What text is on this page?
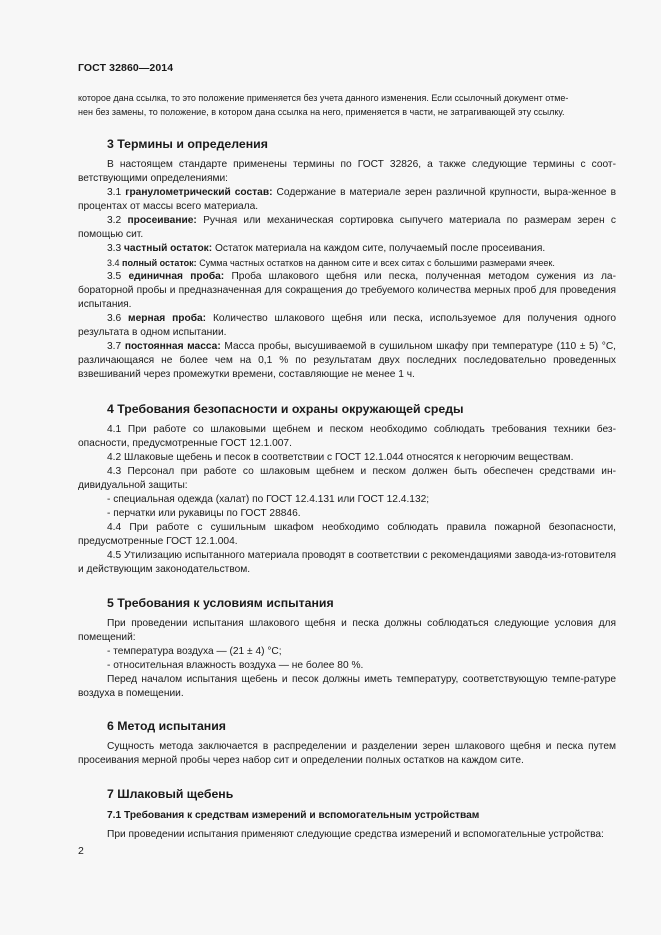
ГОСТ 32860—2014

которое дана ссылка, то это положение применяется без учета данного изменения. Если ссылочный документ отме-

нен без замены, то положение, в котором дана ссылка на него, применяется в части, не затрагивающей эту ссылку.

3 Термины и определения

В настоящем стандарте применены термины по ГОСТ 32826, а также следующие термины с соот-ветствующими определениями:

3.1 гранулометрический состав: Содержание в материале зерен различной крупности, выра-женное в процентах от массы всего материала.

3.2 просеивание: Ручная или механическая сортировка сыпучего материала по размерам зерен с помощью сит.

3.3 частный остаток: Остаток материала на каждом сите, получаемый после просеивания.

3.4 полный остаток: Сумма частных остатков на данном сите и всех ситах с большими размерами ячеек.

3.5 единичная проба: Проба шлакового щебня или песка, полученная методом сужения из ла-бораторной пробы и предназначенная для сокращения до требуемого количества мерных проб для проведения испытания.

3.6 мерная проба: Количество шлакового щебня или песка, используемое для получения одного результата в одном испытании.

3.7 постоянная масса: Масса пробы, высушиваемой в сушильном шкафу при температуре (110 ± 5) °С, различающаяся не более чем на 0,1 % по результатам двух последних последовательно проведенных взвешиваний через промежутки времени, составляющие не менее 1 ч.

4 Требования безопасности и охраны окружающей среды

4.1 При работе со шлаковыми щебнем и песком необходимо соблюдать требования техники без-опасности, предусмотренные ГОСТ 12.1.007.

4.2 Шлаковые щебень и песок в соответствии с ГОСТ 12.1.044 относятся к негорючим веществам.

4.3 Персонал при работе со шлаковым щебнем и песком должен быть обеспечен средствами ин-дивидуальной защиты:

- специальная одежда (халат) по ГОСТ 12.4.131 или ГОСТ 12.4.132;

- перчатки или рукавицы по ГОСТ 28846.

4.4 При работе с сушильным шкафом необходимо соблюдать правила пожарной безопасности, предусмотренные ГОСТ 12.1.004.

4.5 Утилизацию испытанного материала проводят в соответствии с рекомендациями завода-из-готовителя и действующим законодательством.

5 Требования к условиям испытания

При проведении испытания шлакового щебня и песка должны соблюдаться следующие условия для помещений:

- температура воздуха — (21 ± 4) °С;

- относительная влажность воздуха — не более 80 %.

Перед началом испытания щебень и песок должны иметь температуру, соответствующую темпе-ратуре воздуха в помещении.

6 Метод испытания

Сущность метода заключается в распределении и разделении зерен шлакового щебня и песка путем просеивания мерной пробы через набор сит и определении полных остатков на каждом сите.

7 Шлаковый щебень
7.1 Требования к средствам измерений и вспомогательным устройствам

При проведении испытания применяют следующие средства измерений и вспомогательные устройства:

2
